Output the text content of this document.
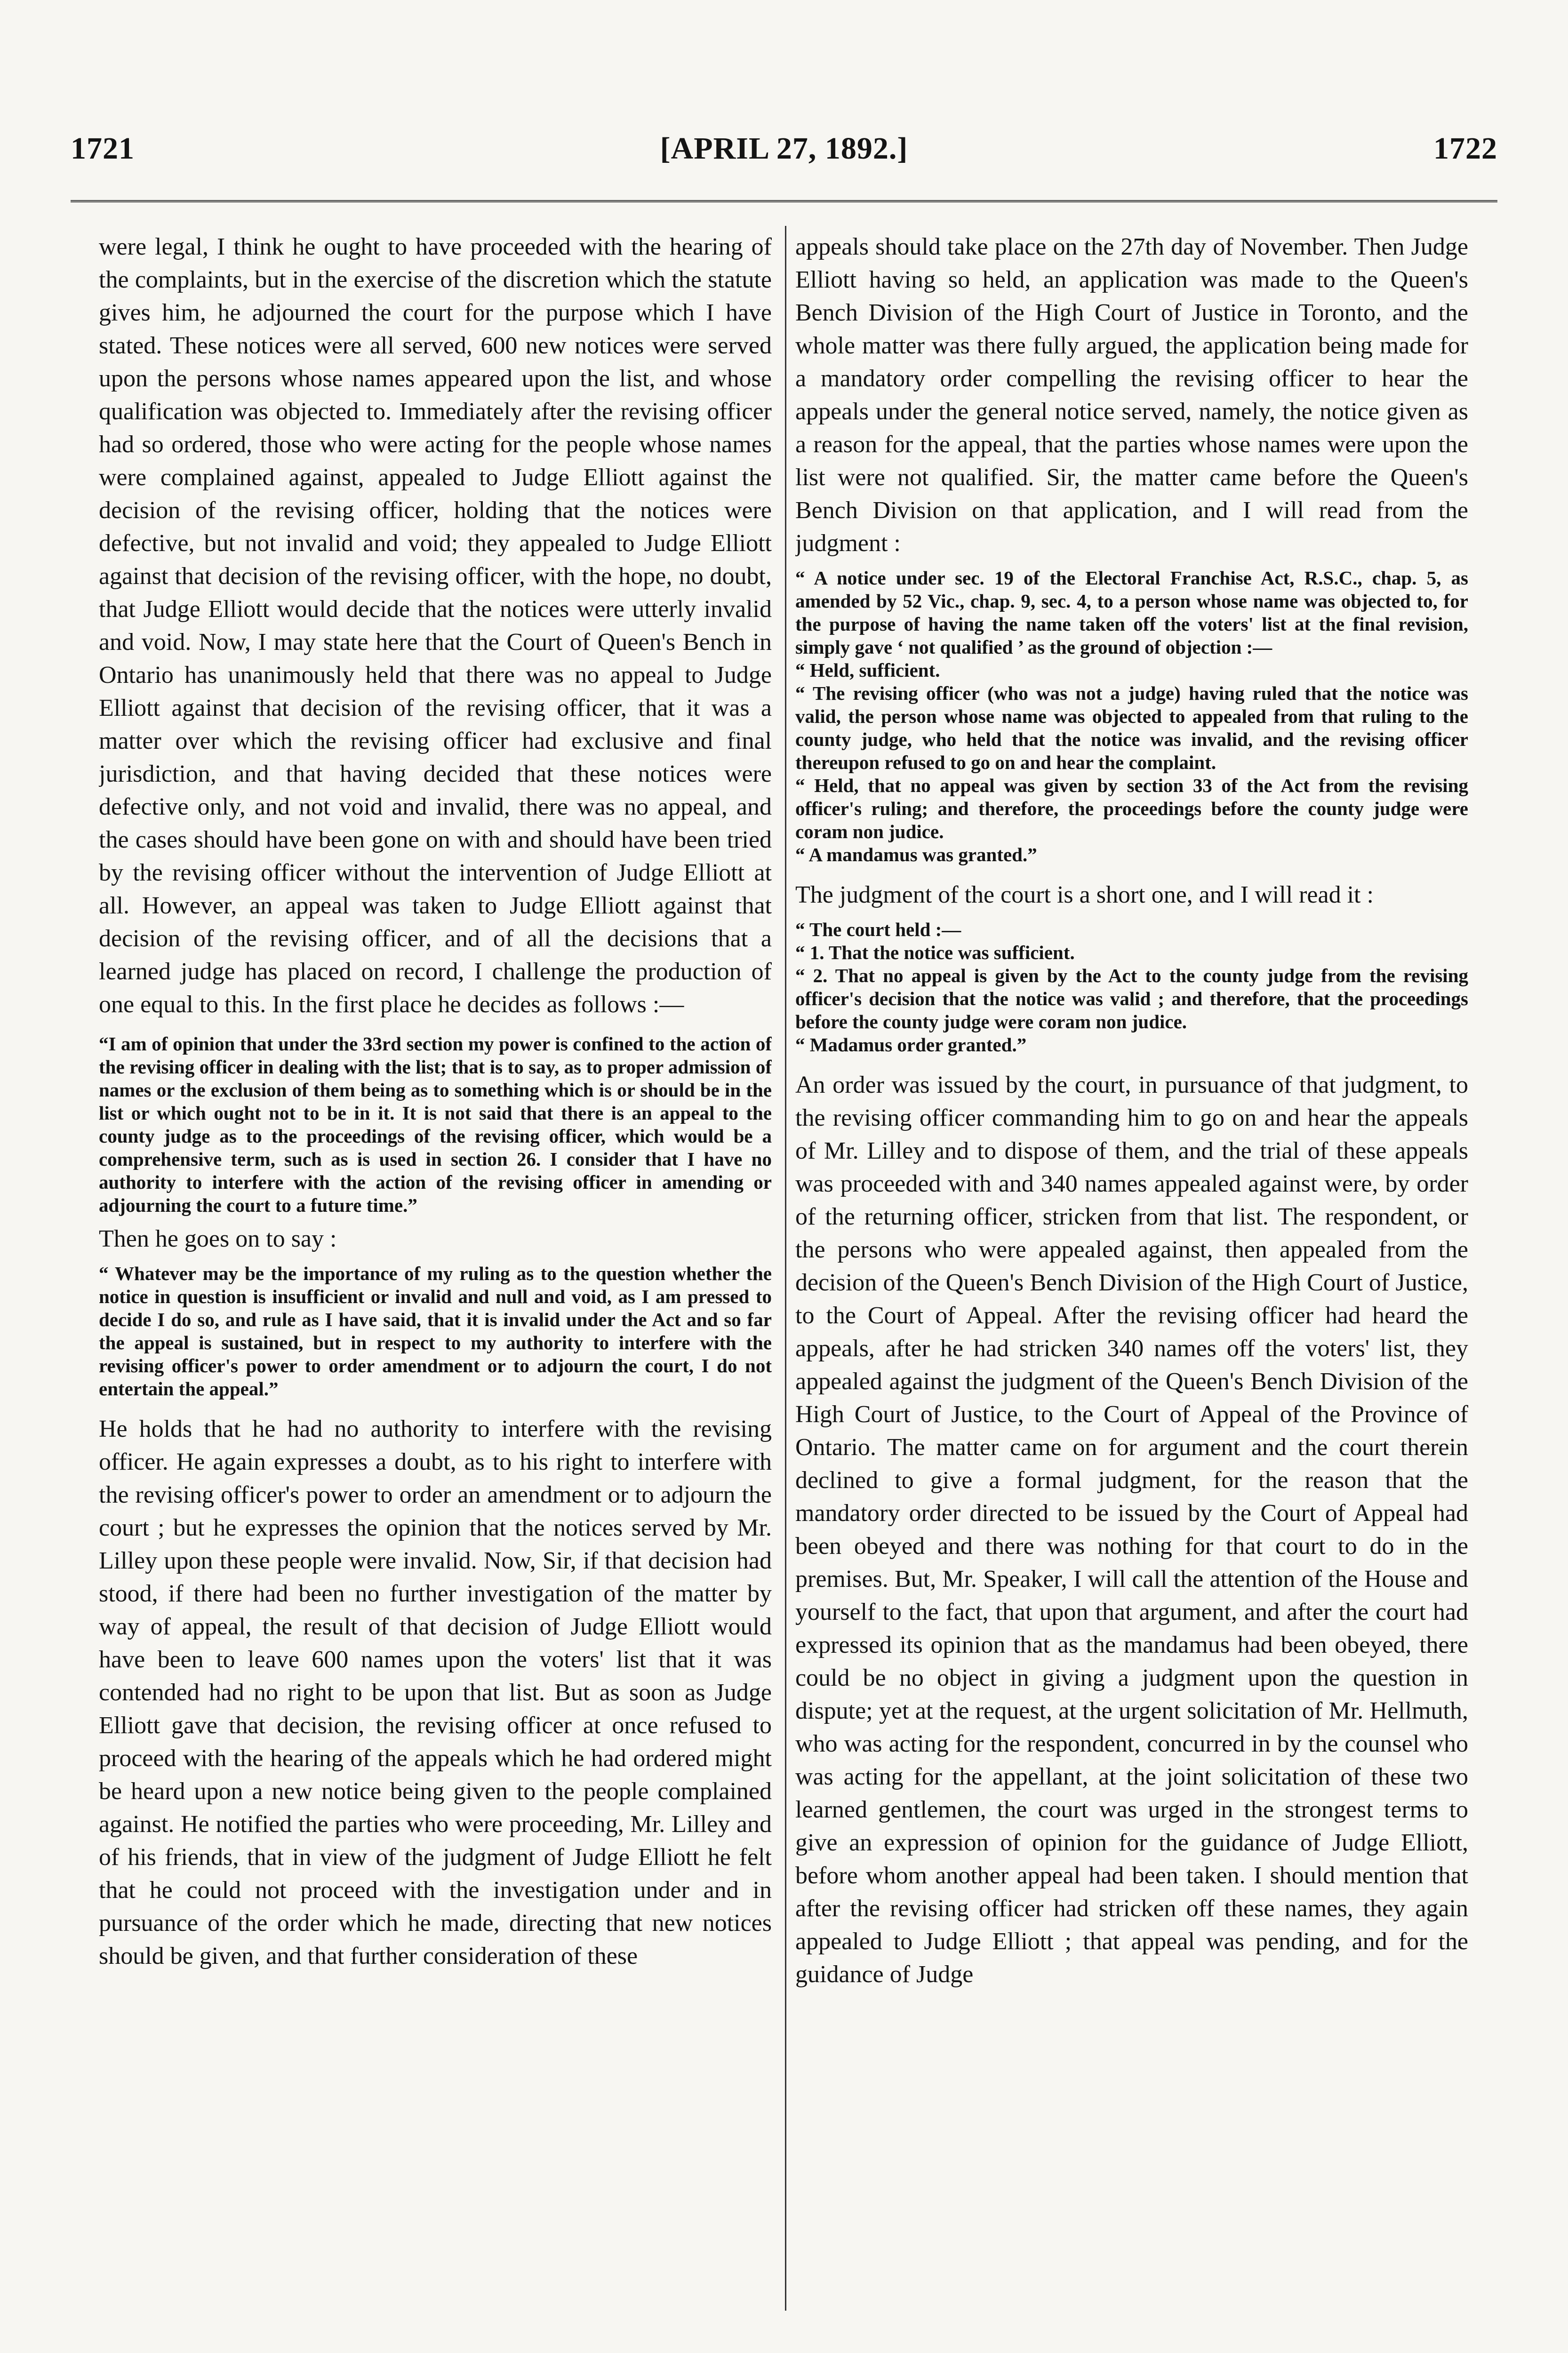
1721	[APRIL 27, 1892.]	1722

were legal, I think he ought to have proceeded with the hearing of the complaints, but in the exercise of the discretion which the statute gives him, he adjourned the court for the purpose which I have stated. These notices were all served, 600 new notices were served upon the persons whose names appeared upon the list, and whose qualification was objected to. Immediately after the revising officer had so ordered, those who were acting for the people whose names were complained against, appealed to Judge Elliott against the decision of the revising officer, holding that the notices were defective, but not invalid and void; they appealed to Judge Elliott against that decision of the revising officer, with the hope, no doubt, that Judge Elliott would decide that the notices were utterly invalid and void. Now, I may state here that the Court of Queen's Bench in Ontario has unanimously held that there was no appeal to Judge Elliott against that decision of the revising officer, that it was a matter over which the revising officer had exclusive and final jurisdiction, and that having decided that these notices were defective only, and not void and invalid, there was no appeal, and the cases should have been gone on with and should have been tried by the revising officer without the intervention of Judge Elliott at all. However, an appeal was taken to Judge Elliott against that decision of the revising officer, and of all the decisions that a learned judge has placed on record, I challenge the production of one equal to this. In the first place he decides as follows :—

“I am of opinion that under the 33rd section my power is confined to the action of the revising officer in dealing with the list; that is to say, as to proper admission of names or the exclusion of them being as to something which is or should be in the list or which ought not to be in it. It is not said that there is an appeal to the county judge as to the proceedings of the revising officer, which would be a comprehensive term, such as is used in section 26. I consider that I have no authority to interfere with the action of the revising officer in amending or adjourning the court to a future time.”

Then he goes on to say :

“ Whatever may be the importance of my ruling as to the question whether the notice in question is insufficient or invalid and null and void, as I am pressed to decide I do so, and rule as I have said, that it is invalid under the Act and so far the appeal is sustained, but in respect to my authority to interfere with the revising officer's power to order amendment or to adjourn the court, I do not entertain the appeal.”

He holds that he had no authority to interfere with the revising officer. He again expresses a doubt, as to his right to interfere with the revising officer's power to order an amendment or to adjourn the court ; but he expresses the opinion that the notices served by Mr. Lilley upon these people were invalid. Now, Sir, if that decision had stood, if there had been no further investigation of the matter by way of appeal, the result of that decision of Judge Elliott would have been to leave 600 names upon the voters' list that it was contended had no right to be upon that list. But as soon as Judge Elliott gave that decision, the revising officer at once refused to proceed with the hearing of the appeals which he had ordered might be heard upon a new notice being given to the people complained against. He notified the parties who were proceeding, Mr. Lilley and of his friends, that in view of the judgment of Judge Elliott he felt that he could not proceed with the investigation under and in pursuance of the order which he made, directing that new notices should be given, and that further consideration of these

appeals should take place on the 27th day of November. Then Judge Elliott having so held, an application was made to the Queen's Bench Division of the High Court of Justice in Toronto, and the whole matter was there fully argued, the application being made for a mandatory order compelling the revising officer to hear the appeals under the general notice served, namely, the notice given as a reason for the appeal, that the parties whose names were upon the list were not qualified. Sir, the matter came before the Queen's Bench Division on that application, and I will read from the judgment :

“ A notice under sec. 19 of the Electoral Franchise Act, R.S.C., chap. 5, as amended by 52 Vic., chap. 9, sec. 4, to a person whose name was objected to, for the purpose of having the name taken off the voters' list at the final revision, simply gave ‘ not qualified ’ as the ground of objection :—

“ Held, sufficient.

“ The revising officer (who was not a judge) having ruled that the notice was valid, the person whose name was objected to appealed from that ruling to the county judge, who held that the notice was invalid, and the revising officer thereupon refused to go on and hear the complaint.

“ Held, that no appeal was given by section 33 of the Act from the revising officer's ruling; and therefore, the proceedings before the county judge were coram non judice.

“ A mandamus was granted.”

The judgment of the court is a short one, and I will read it :

“ The court held :—

“ 1. That the notice was sufficient.

“ 2. That no appeal is given by the Act to the county judge from the revising officer's decision that the notice was valid ; and therefore, that the proceedings before the county judge were coram non judice.

“ Madamus order granted.”

An order was issued by the court, in pursuance of that judgment, to the revising officer commanding him to go on and hear the appeals of Mr. Lilley and to dispose of them, and the trial of these appeals was proceeded with and 340 names appealed against were, by order of the returning officer, stricken from that list. The respondent, or the persons who were appealed against, then appealed from the decision of the Queen's Bench Division of the High Court of Justice, to the Court of Appeal. After the revising officer had heard the appeals, after he had stricken 340 names off the voters' list, they appealed against the judgment of the Queen's Bench Division of the High Court of Justice, to the Court of Appeal of the Province of Ontario. The matter came on for argument and the court therein declined to give a formal judgment, for the reason that the mandatory order directed to be issued by the Court of Appeal had been obeyed and there was nothing for that court to do in the premises. But, Mr. Speaker, I will call the attention of the House and yourself to the fact, that upon that argument, and after the court had expressed its opinion that as the mandamus had been obeyed, there could be no object in giving a judgment upon the question in dispute; yet at the request, at the urgent solicitation of Mr. Hellmuth, who was acting for the respondent, concurred in by the counsel who was acting for the appellant, at the joint solicitation of these two learned gentlemen, the court was urged in the strongest terms to give an expression of opinion for the guidance of Judge Elliott, before whom another appeal had been taken. I should mention that after the revising officer had stricken off these names, they again appealed to Judge Elliott ; that appeal was pending, and for the guidance of Judge
